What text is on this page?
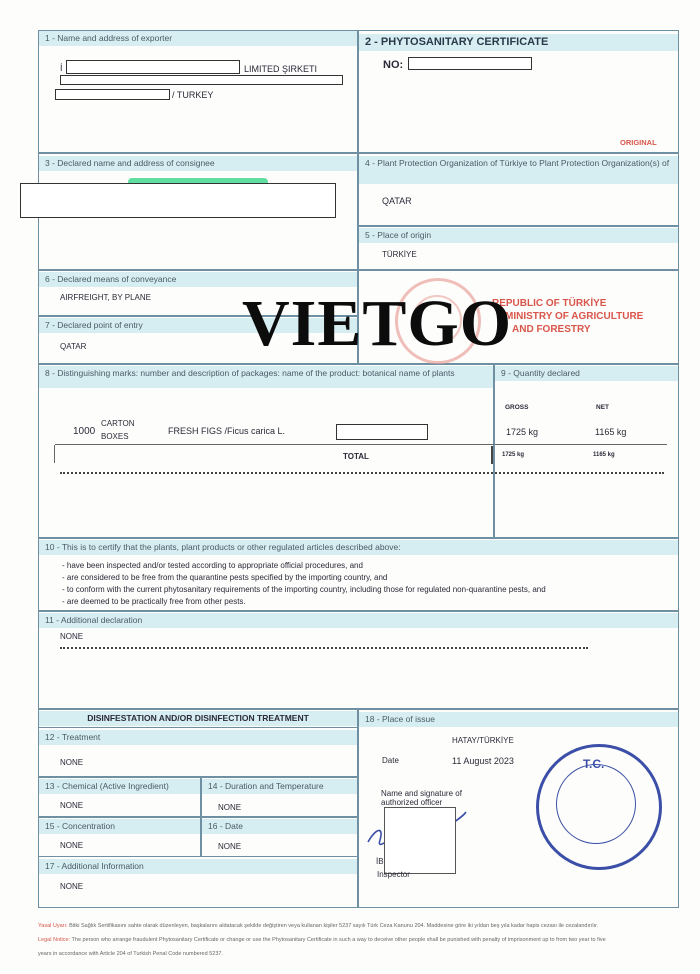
1 - Name and address of exporter
İ	LIMITED ŞIRKETI
/ TURKEY
2 - PHYTOSANITARY CERTIFICATE
NO:
ORIGINAL
3 - Declared name and address of consignee	4 - Plant Protection Organization of Türkiye to Plant Protection Organization(s) of
QATAR
5 - Place of origin
TÜRKİYE
6 - Declared means of conveyance
AIRFREIGHT, BY PLANE
7 - Declared point of entry
QATAR
REPUBLIC OF TÜRKİYE
MINISTRY OF AGRICULTURE
AND FORESTRY
VIETGO
8 - Distinguishing marks: number and description of packages: name of the product: botanical name of plants
1000
CARTON
BOXES
FRESH FIGS /Ficus carica L.
TOTAL
9 - Quantity declared
GROSS	NET
1725 kg	1165 kg
1725 kg	1165 kg
10 - This is to certify that the plants, plant products or other regulated articles described above:
- have been inspected and/or tested according to appropriate official procedures, and
- are considered to be free from the quarantine pests specified by the importing country, and
- to conform with the current phytosanitary requirements of the importing country, including those for regulated non-quarantine pests, and
- are deemed to be practically free from other pests.
11 - Additional declaration
NONE
DISINFESTATION AND/OR DISINFECTION TREATMENT
12 - Treatment
NONE
13 - Chemical (Active Ingredient)
NONE
14 - Duration and Temperature
NONE
15 - Concentration
NONE
16 - Date
NONE
17 - Additional Information
NONE
18 - Place of issue
HATAY/TÜRKİYE
Date	11 August 2023
Name and signature of authorized officer
İB
Inspector
T.C.
Yasal Uyarı: Bitki Sağlık Sertifikasını sahte olarak düzenleyen, başkalarını aldatacak şekilde değiştiren veya kullanan kişiler 5237 sayılı Türk Ceza Kanunu 204. Maddesine göre iki yıldan beş yıla kadar hapis cezası ile cezalandırılır.
Legal Notice: The person who arrange fraudulent Phytosanitary Certificate or change or use the Phytosanitary Certificate in such a way to deceive other people shall be punished with penalty of imprisonment up to from two year to five
years in accordance with Article 204 of Turkish Penal Code numbered 5237.
